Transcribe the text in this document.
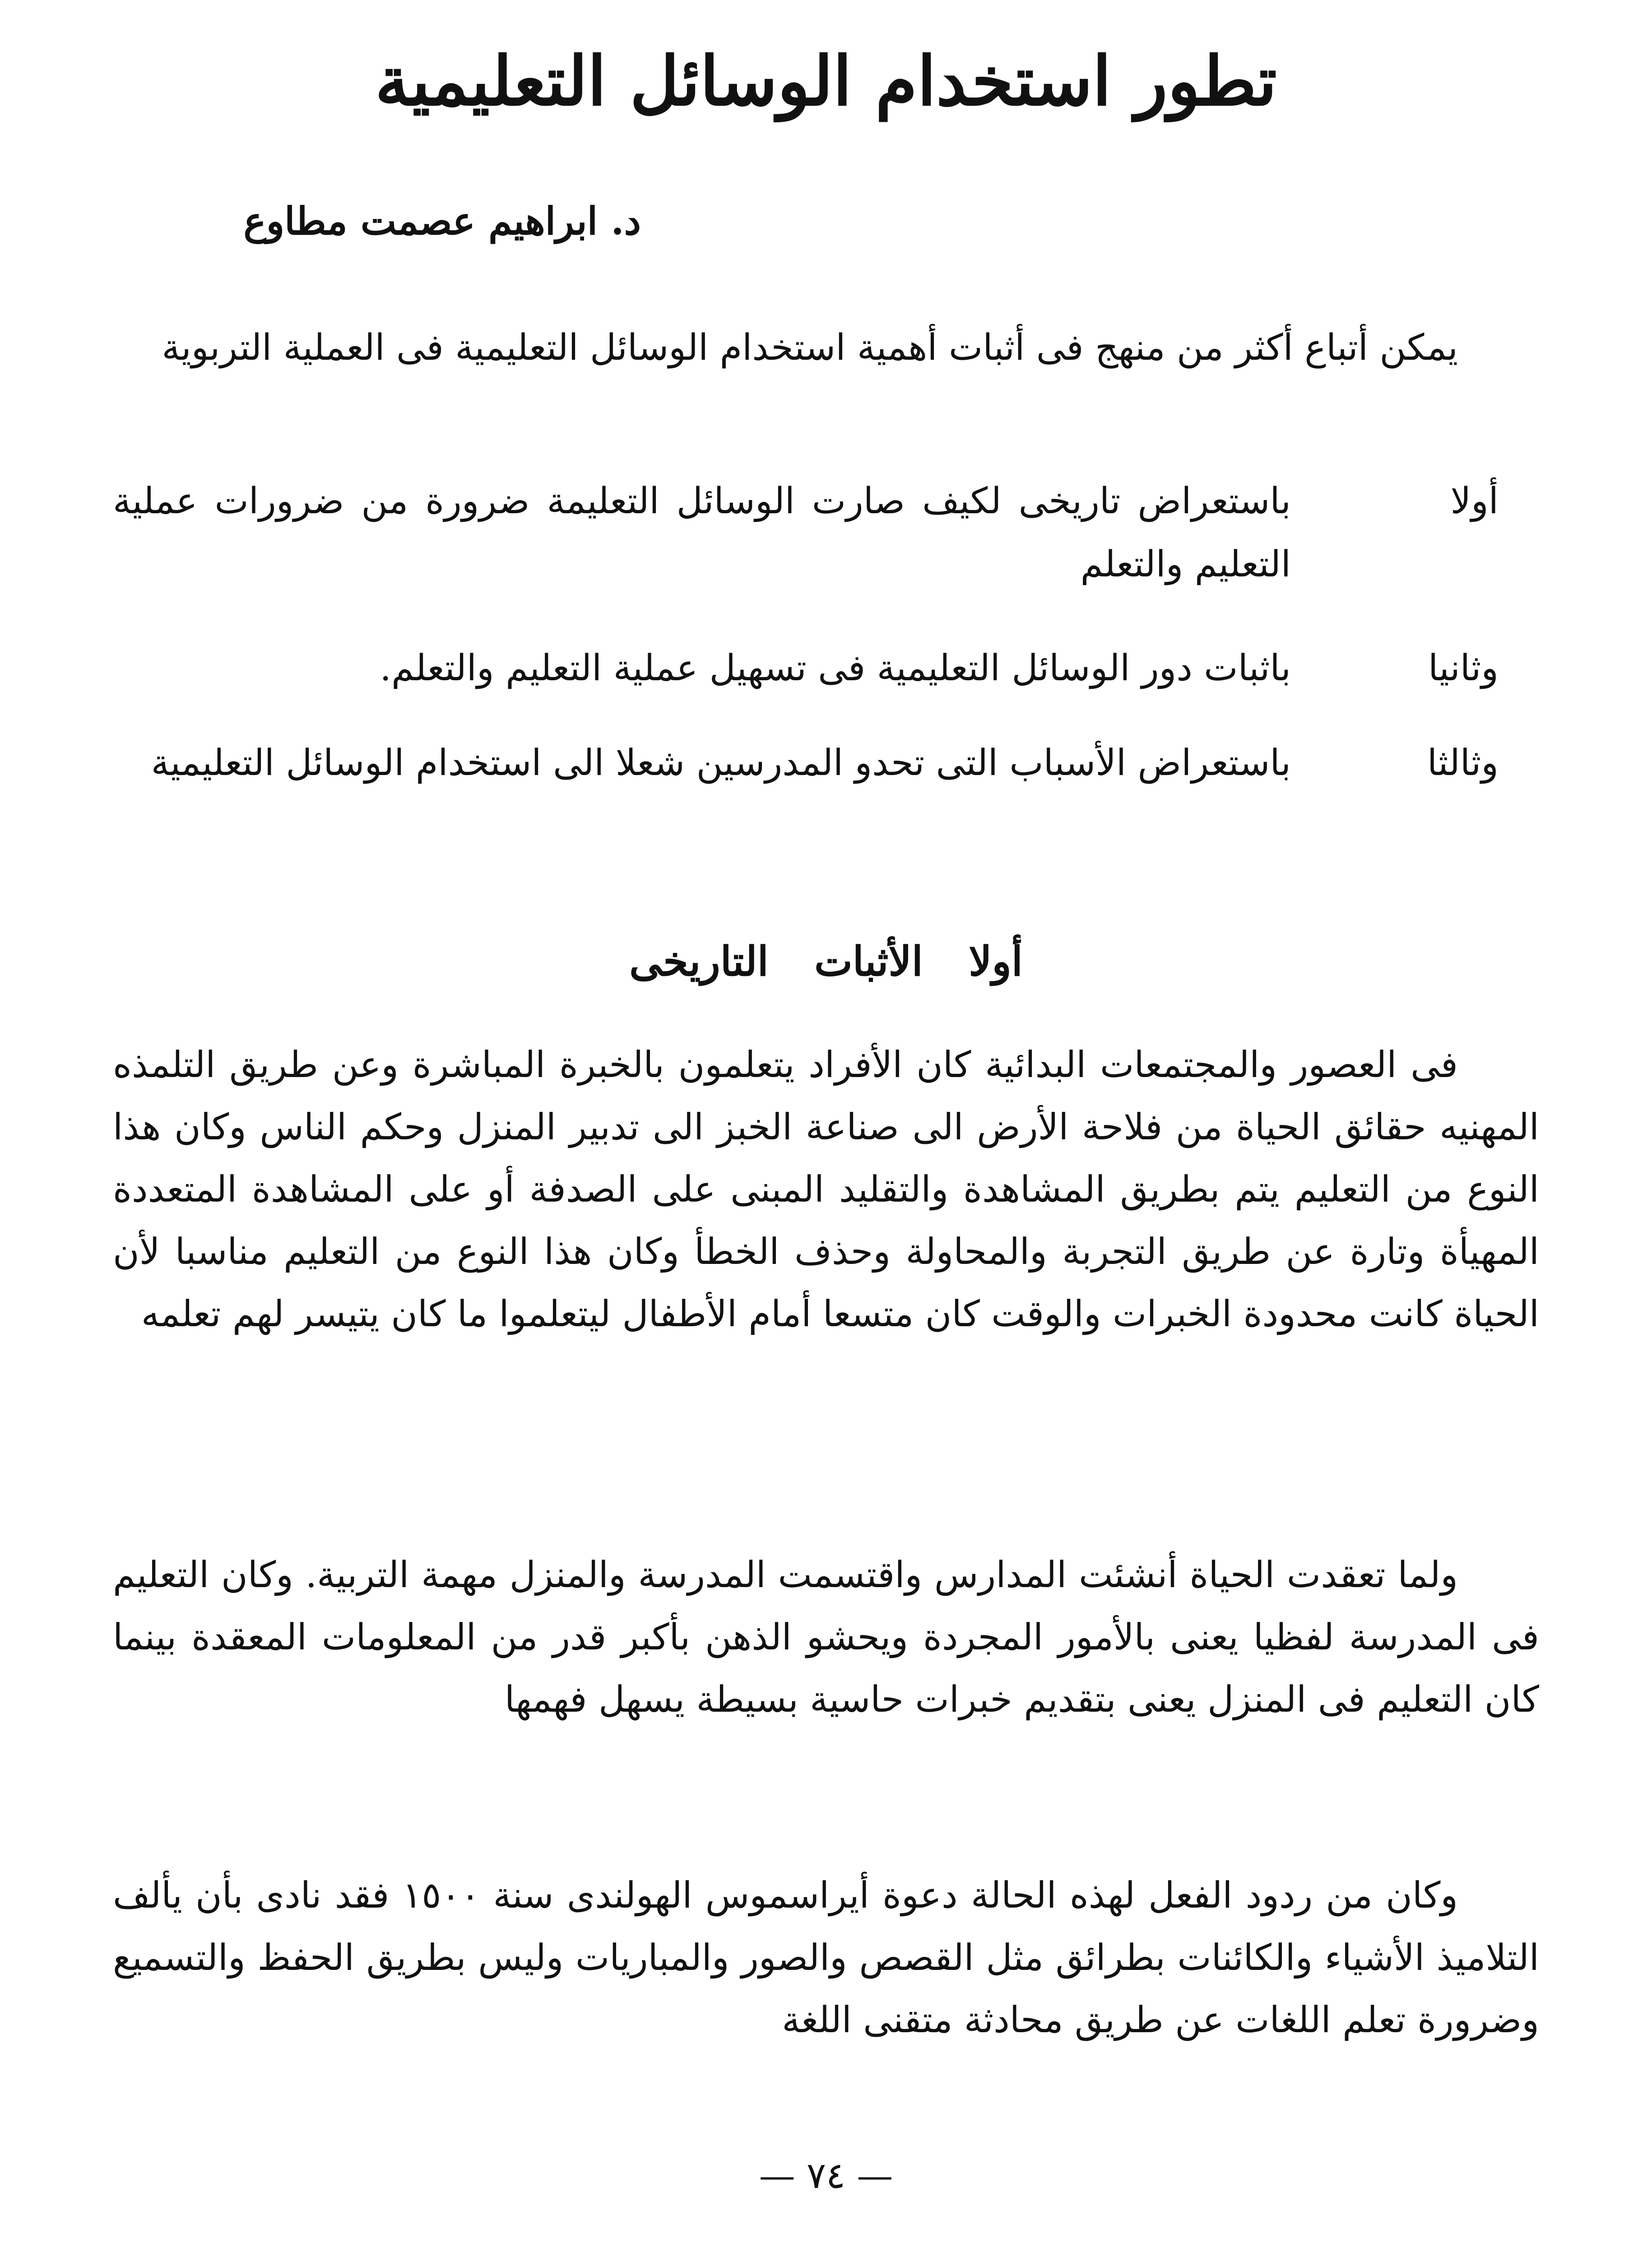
تطور استخدام الوسائل التعليمية
د. ابراهيم عصمت مطاوع
يمكن أتباع أكثر من منهج فى أثبات أهمية استخدام الوسائل التعليمية فى العملية التربوية
أولا
باستعراض تاريخى لكيف صارت الوسائل التعليمة ضرورة من ضرورات عملية التعليم والتعلم
وثانيا
باثبات دور الوسائل التعليمية فى تسهيل عملية التعليم والتعلم.
وثالثا
باستعراض الأسباب التى تحدو المدرسين شعلا الى استخدام الوسائل التعليمية
أولا الأثبات التاريخى
فى العصور والمجتمعات البدائية كان الأفراد يتعلمون بالخبرة المباشرة وعن طريق التلمذه المهنيه حقائق الحياة من فلاحة الأرض الى صناعة الخبز الى تدبير المنزل وحكم الناس وكان هذا النوع من التعليم يتم بطريق المشاهدة والتقليد المبنى على الصدفة أو على المشاهدة المتعددة المهيأة وتارة عن طريق التجربة والمحاولة وحذف الخطأ وكان هذا النوع من التعليم مناسبا لأن الحياة كانت محدودة الخبرات والوقت كان متسعا أمام الأطفال ليتعلموا ما كان يتيسر لهم تعلمه
ولما تعقدت الحياة أنشئت المدارس واقتسمت المدرسة والمنزل مهمة التربية. وكان التعليم فى المدرسة لفظيا يعنى بالأمور المجردة ويحشو الذهن بأكبر قدر من المعلومات المعقدة بينما كان التعليم فى المنزل يعنى بتقديم خبرات حاسية بسيطة يسهل فهمها
وكان من ردود الفعل لهذه الحالة دعوة أيراسموس الهولندى سنة ١٥٠٠ فقد نادى بأن يألف التلاميذ الأشياء والكائنات بطرائق مثل القصص والصور والمباريات وليس بطريق الحفظ والتسميع وضرورة تعلم اللغات عن طريق محادثة متقنى اللغة
— ٧٤ —
